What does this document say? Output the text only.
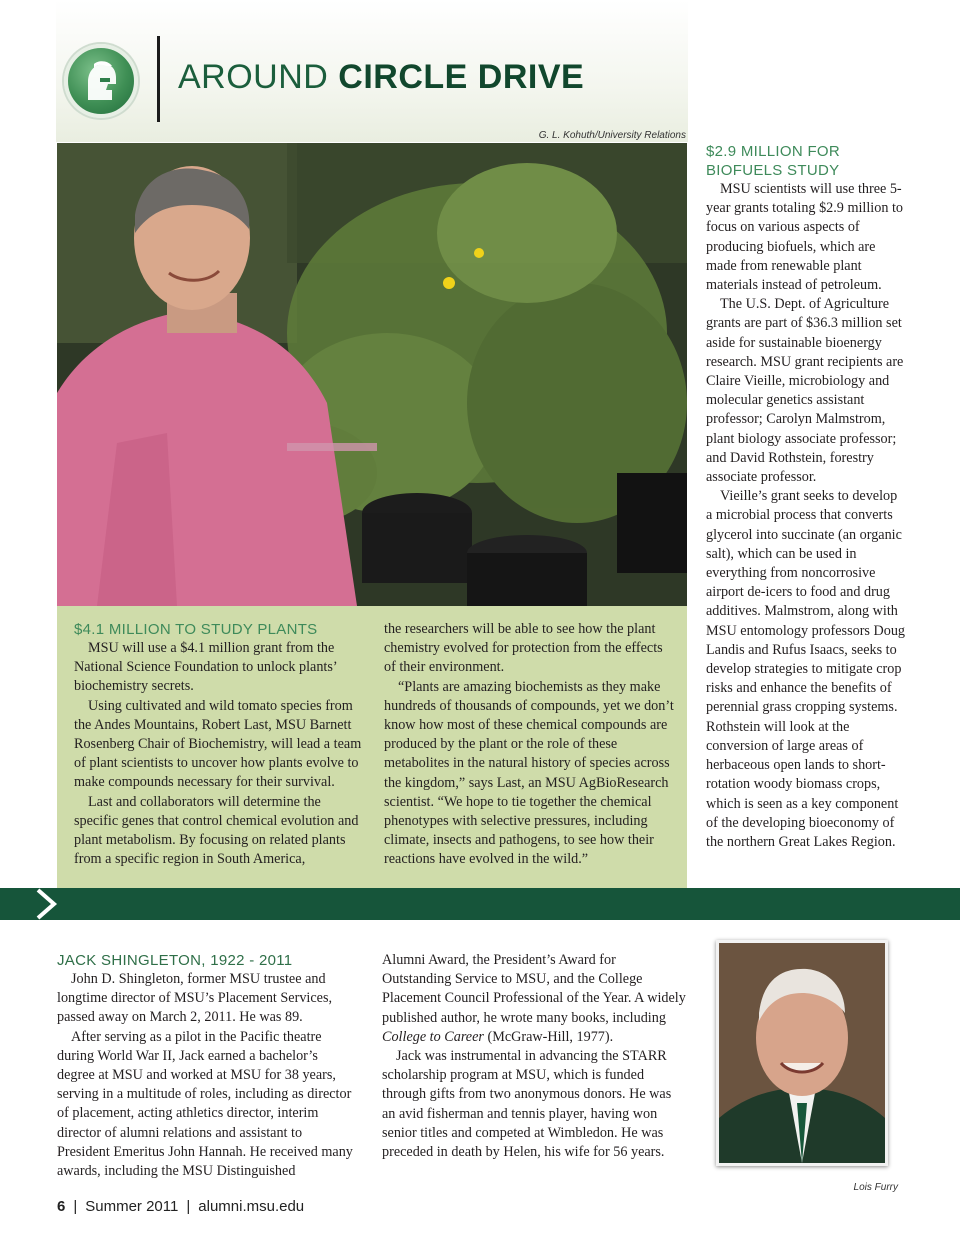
AROUND CIRCLE DRIVE
G. L. Kohuth/University Relations
$4.1 MILLION TO STUDY PLANTS

MSU will use a $4.1 million grant from the National Science Foundation to unlock plants’ biochemistry secrets.

Using cultivated and wild tomato species from the Andes Mountains, Robert Last, MSU Barnett Rosenberg Chair of Biochemistry, will lead a team of plant scientists to uncover how plants evolve to make compounds necessary for their survival.

Last and collaborators will determine the specific genes that control chemical evolution and plant metabolism. By focusing on related plants from a specific region in South America,

the researchers will be able to see how the plant chemistry evolved for protection from the effects of their environment.

“Plants are amazing biochemists as they make hundreds of thousands of compounds, yet we don’t know how most of these chemical compounds are produced by the plant or the role of these metabolites in the natural history of species across the kingdom,” says Last, an MSU AgBioResearch scientist. “We hope to tie together the chemical phenotypes with selective pressures, including climate, insects and pathogens, to see how their reactions have evolved in the wild.”

$2.9 MILLION FOR BIOFUELS STUDY

MSU scientists will use three 5-year grants totaling $2.9 million to focus on various aspects of producing biofuels, which are made from renewable plant materials instead of petroleum.

The U.S. Dept. of Agriculture grants are part of $36.3 million set aside for sustainable bioenergy research. MSU grant recipients are Claire Vieille, microbiology and molecular genetics assistant professor; Carolyn Malmstrom, plant biology associate professor; and David Rothstein, forestry associate professor.

Vieille’s grant seeks to develop a microbial process that converts glycerol into succinate (an organic salt), which can be used in everything from noncorrosive airport de-icers to food and drug additives. Malmstrom, along with MSU entomology professors Doug Landis and Rufus Isaacs, seeks to develop strategies to mitigate crop risks and enhance the benefits of perennial grass cropping systems. Rothstein will look at the conversion of large areas of herbaceous open lands to short-rotation woody biomass crops, which is seen as a key component of the developing bioeconomy of the northern Great Lakes Region.

JACK SHINGLETON, 1922 - 2011

John D. Shingleton, former MSU trustee and longtime director of MSU’s Placement Services, passed away on March 2, 2011. He was 89.

After serving as a pilot in the Pacific theatre during World War II, Jack earned a bachelor’s degree at MSU and worked at MSU for 38 years, serving in a multitude of roles, including as director of placement, acting athletics director, interim director of alumni relations and assistant to President Emeritus John Hannah. He received many awards, including the MSU Distinguished

Alumni Award, the President’s Award for Outstanding Service to MSU, and the College Placement Council Professional of the Year. A widely published author, he wrote many books, including College to Career (McGraw-Hill, 1977).

Jack was instrumental in advancing the STARR scholarship program at MSU, which is funded through gifts from two anonymous donors. He was an avid fisherman and tennis player, having won senior titles and competed at Wimbledon. He was preceded in death by Helen, his wife for 56 years.

Lois Furry
6 | Summer 2011 | alumni.msu.edu
